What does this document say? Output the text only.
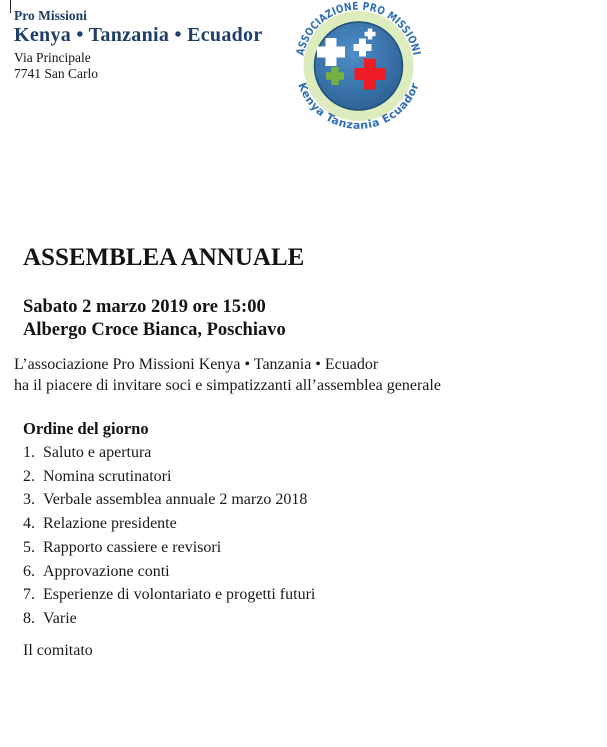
Pro Missioni
Kenya • Tanzania • Ecuador
Via Principale
7741 San Carlo
ASSOCIAZIONE PRO MISSIONI
Kenya Tanzania Ecuador
ASSEMBLEA ANNUALE
Sabato 2 marzo 2019 ore 15:00
Albergo Croce Bianca, Poschiavo
L’associazione Pro Missioni Kenya • Tanzania • Ecuador
ha il piacere di invitare soci e simpatizzanti all’assemblea generale
Ordine del giorno
1. Saluto e apertura
2. Nomina scrutinatori
3. Verbale assemblea annuale 2 marzo 2018
4. Relazione presidente
5. Rapporto cassiere e revisori
6. Approvazione conti
7. Esperienze di volontariato e progetti futuri
8. Varie
Il comitato
